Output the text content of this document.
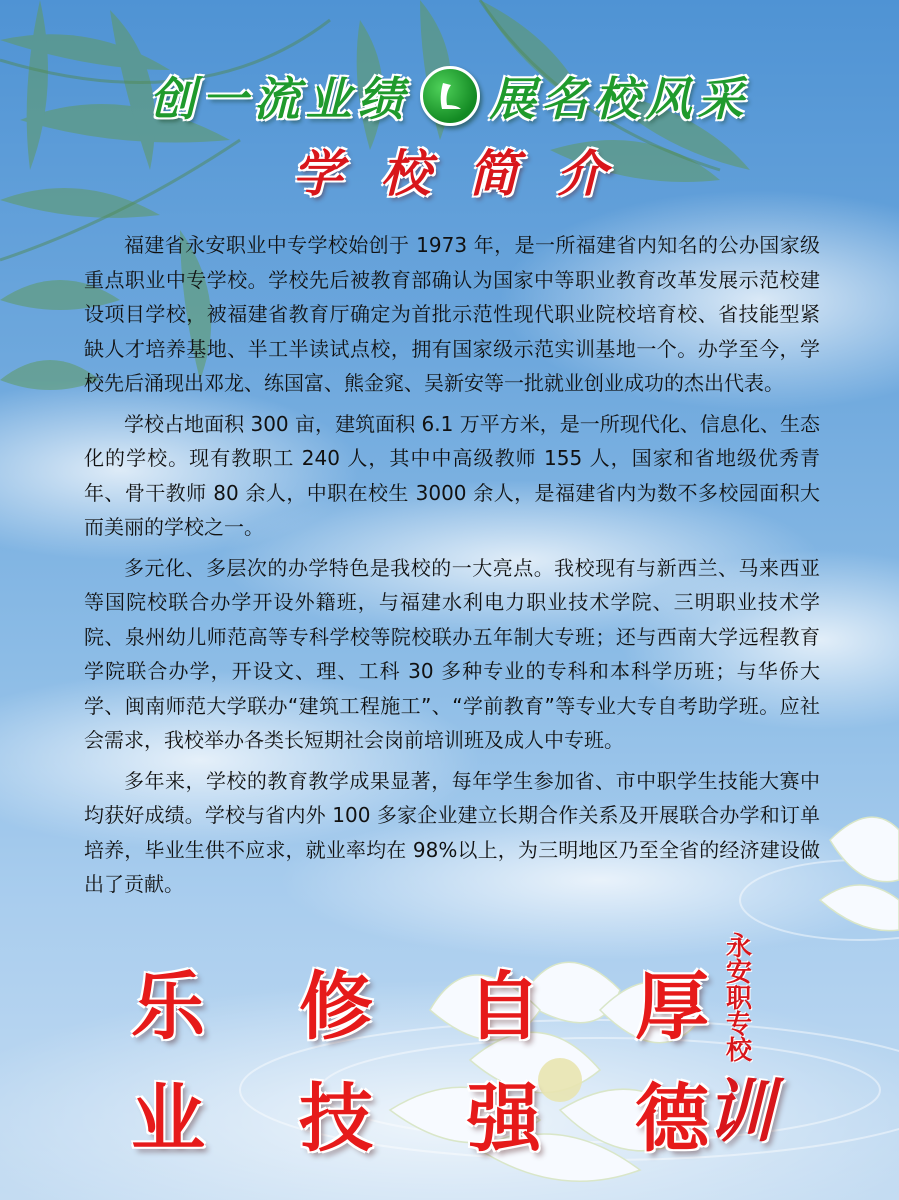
创一流业绩 展名校风采
学校简介

福建省永安职业中专学校始创于 1973 年，是一所福建省内知名的公办国家级重点职业中专学校。学校先后被教育部确认为国家中等职业教育改革发展示范校建设项目学校，被福建省教育厅确定为首批示范性现代职业院校培育校、省技能型紧缺人才培养基地、半工半读试点校，拥有国家级示范实训基地一个。办学至今，学校先后涌现出邓龙、练国富、熊金窕、吴新安等一批就业创业成功的杰出代表。

学校占地面积 300 亩，建筑面积 6.1 万平方米，是一所现代化、信息化、生态化的学校。现有教职工 240 人，其中中高级教师 155 人，国家和省地级优秀青年、骨干教师 80 余人，中职在校生 3000 余人，是福建省内为数不多校园面积大而美丽的学校之一。

多元化、多层次的办学特色是我校的一大亮点。我校现有与新西兰、马来西亚等国院校联合办学开设外籍班，与福建水利电力职业技术学院、三明职业技术学院、泉州幼儿师范高等专科学校等院校联办五年制大专班；还与西南大学远程教育学院联合办学，开设文、理、工科 30 多种专业的专科和本科学历班；与华侨大学、闽南师范大学联办“建筑工程施工”、“学前教育”等专业大专自考助学班。应社会需求，我校举办各类长短期社会岗前培训班及成人中专班。

多年来，学校的教育教学成果显著，每年学生参加省、市中职学生技能大赛中均获好成绩。学校与省内外 100 多家企业建立长期合作关系及开展联合办学和订单培养，毕业生供不应求，就业率均在 98%以上，为三明地区乃至全省的经济建设做出了贡献。

乐 修 自 厚
业 技 强 德
永安职专校
训
